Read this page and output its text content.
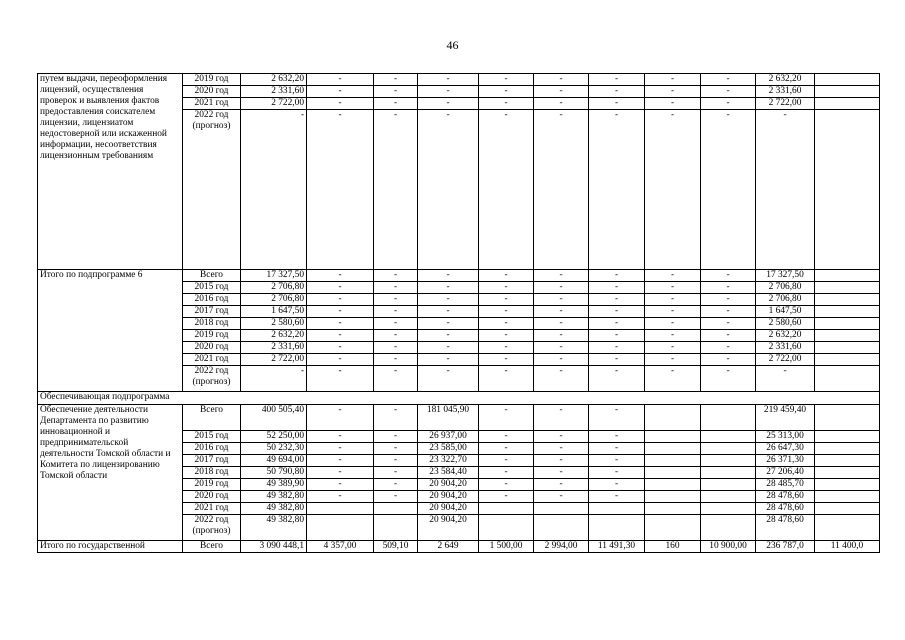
46
путем выдачи, переоформления лицензий, осуществления проверок и выявления фактов предоставления соискателем лицензии, лицензиатом недостоверной или искаженной информации, несоответствия лицензионным требованиям	2019 год	2 632,20	-	-	-	-	-	-	-	-	2 632,20	
	2020 год	2 331,60	-	-	-	-	-	-	-	-	2 331,60	
	2021 год	2 722,00	-	-	-	-	-	-	-	-	2 722,00	
	2022 год (прогноз)	-	-	-	-	-	-	-	-	-	-	
Итого по подпрограмме 6	Всего	17 327,50	-	-	-	-	-	-	-	-	17 327,50	
	2015 год	2 706,80	-	-	-	-	-	-	-	-	2 706,80	
	2016 год	2 706,80	-	-	-	-	-	-	-	-	2 706,80	
	2017 год	1 647,50	-	-	-	-	-	-	-	-	1 647,50	
	2018 год	2 580,60	-	-	-	-	-	-	-	-	2 580,60	
	2019 год	2 632,20	-	-	-	-	-	-	-	-	2 632,20	
	2020 год	2 331,60	-	-	-	-	-	-	-	-	2 331,60	
	2021 год	2 722,00	-	-	-	-	-	-	-	-	2 722,00	
	2022 год (прогноз)	-	-	-	-	-	-	-	-	-	-	
Обеспечивающая подпрограмма												
Обеспечение деятельности Департамента по развитию инновационной и предпринимательской деятельности Томской области и Комитета по лицензированию Томской области	Всего	400 505,40	-	-	181 045,90	-	-	-			219 459,40	
	2015 год	52 250,00	-	-	26 937,00	-	-	-			25 313,00	
	2016 год	50 232,30	-	-	23 585,00	-	-	-			26 647,30	
	2017 год	49 694,00	-	-	23 322,70	-	-	-			26 371,30	
	2018 год	50 790,80	-	-	23 584,40	-	-	-			27 206,40	
	2019 год	49 389,90	-	-	20 904,20	-	-	-			28 485,70	
	2020 год	49 382,80	-	-	20 904,20	-	-	-			28 478,60	
	2021 год	49 382,80			20 904,20						28 478,60	
	2022 год (прогноз)	49 382,80			20 904,20						28 478,60	
Итого по государственной	Всего	3 090 448,1	4 357,00	509,10	2 649	1 500,00	2 994,00	11 491,30	160	10 900,00	236 787,0	11 400,0
